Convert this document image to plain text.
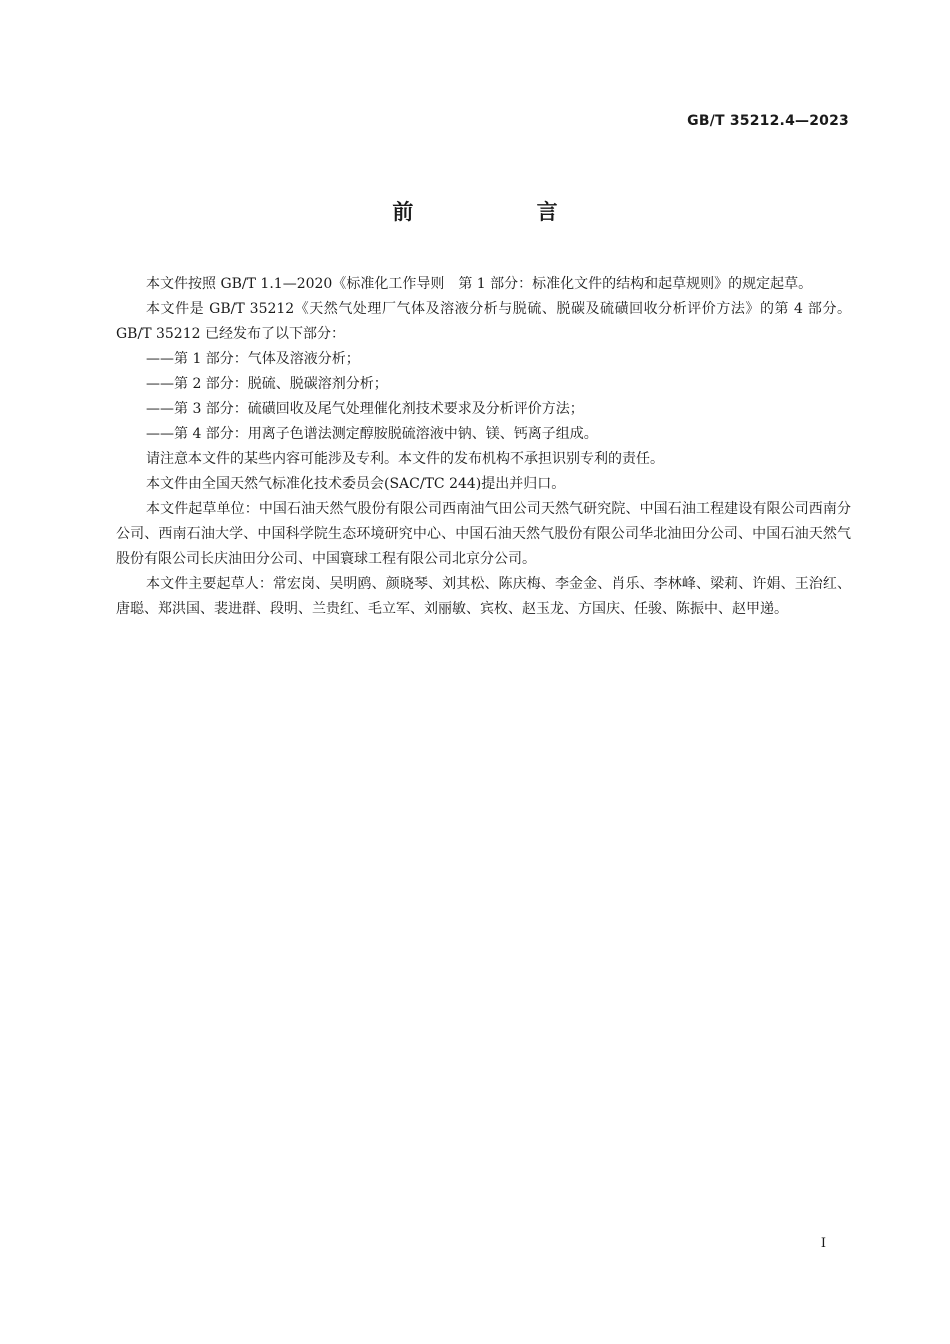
GB/T 35212.4—2023
前 言

本文件按照 GB/T 1.1—2020《标准化工作导则　第 1 部分：标准化文件的结构和起草规则》的规定起草。

本文件是 GB/T 35212《天然气处理厂气体及溶液分析与脱硫、脱碳及硫磺回收分析评价方法》的第 4 部分。GB/T 35212 已经发布了以下部分：

——第 1 部分：气体及溶液分析；

——第 2 部分：脱硫、脱碳溶剂分析；

——第 3 部分：硫磺回收及尾气处理催化剂技术要求及分析评价方法；

——第 4 部分：用离子色谱法测定醇胺脱硫溶液中钠、镁、钙离子组成。

请注意本文件的某些内容可能涉及专利。本文件的发布机构不承担识别专利的责任。

本文件由全国天然气标准化技术委员会(SAC/TC 244)提出并归口。

本文件起草单位：中国石油天然气股份有限公司西南油气田公司天然气研究院、中国石油工程建设有限公司西南分公司、西南石油大学、中国科学院生态环境研究中心、中国石油天然气股份有限公司华北油田分公司、中国石油天然气股份有限公司长庆油田分公司、中国寰球工程有限公司北京分公司。

本文件主要起草人：常宏岗、吴明鸥、颜晓琴、刘其松、陈庆梅、李金金、肖乐、李林峰、梁莉、许娟、王治红、唐聪、郑洪国、裴进群、段明、兰贵红、毛立军、刘丽敏、宾枚、赵玉龙、方国庆、任骏、陈振中、赵甲递。

I
